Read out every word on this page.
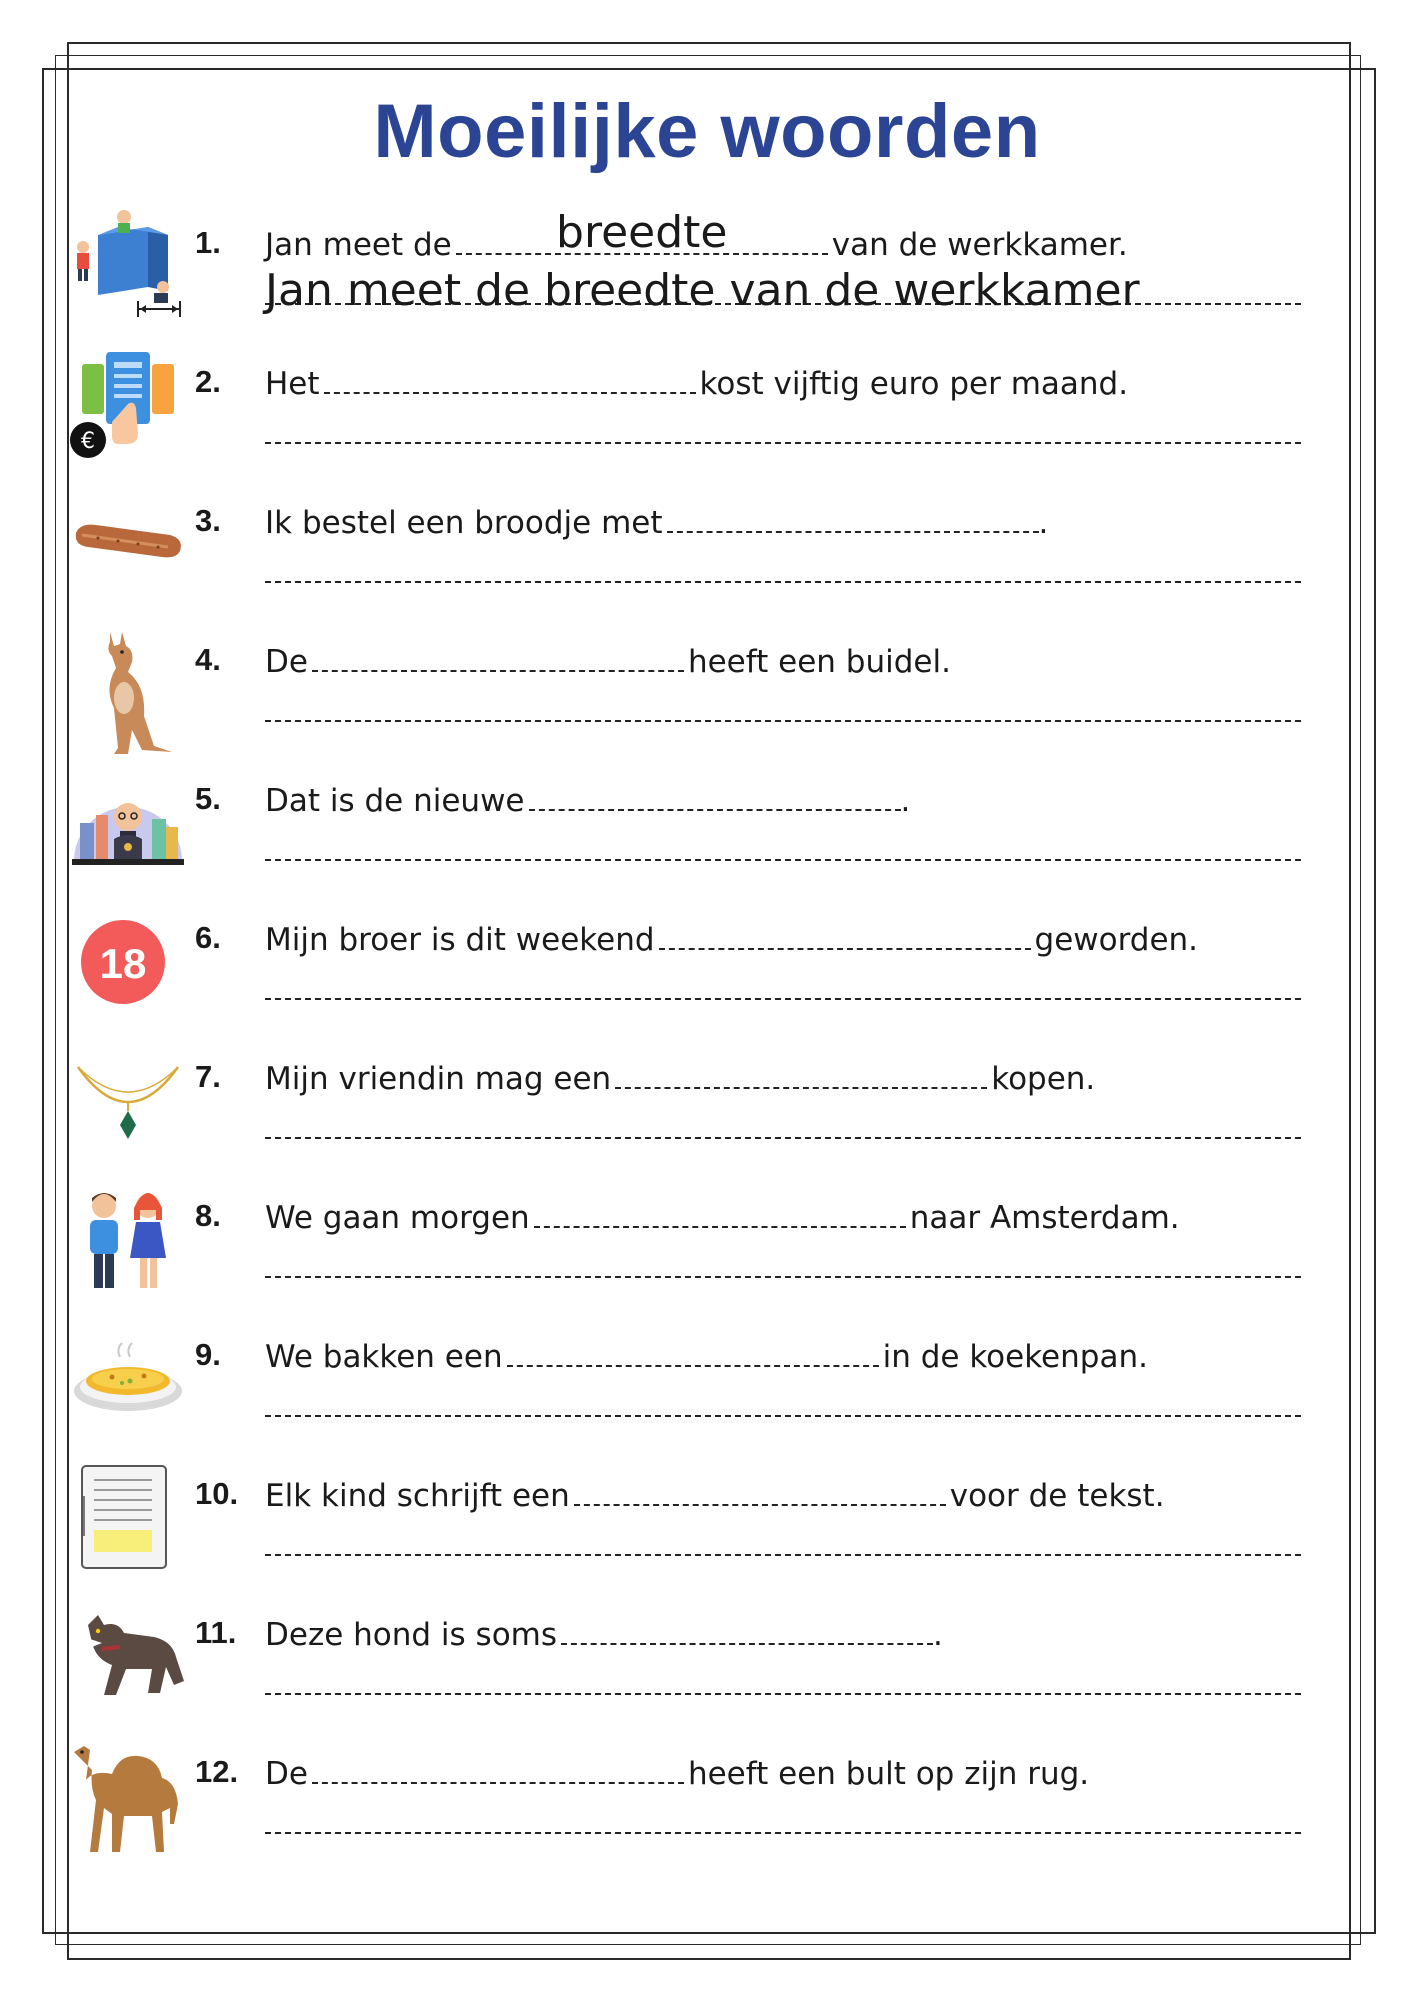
Moeilijke woorden
1. Jan meet de	breedte	van de werkkamer.
Jan meet de breedte van de werkkamer
€
2. Het	kost vijftig euro per maand.
3. Ik bestel een broodje met	.
4. De	heeft een buidel.
5. Dat is de nieuwe	.
18
6. Mijn broer is dit weekend	geworden.
7. Mijn vriendin mag een	kopen.
8. We gaan morgen	naar Amsterdam.
9. We bakken een	in de koekenpan.
10. Elk kind schrijft een	voor de tekst.
11. Deze hond is soms	.
12. De	heeft een bult op zijn rug.
